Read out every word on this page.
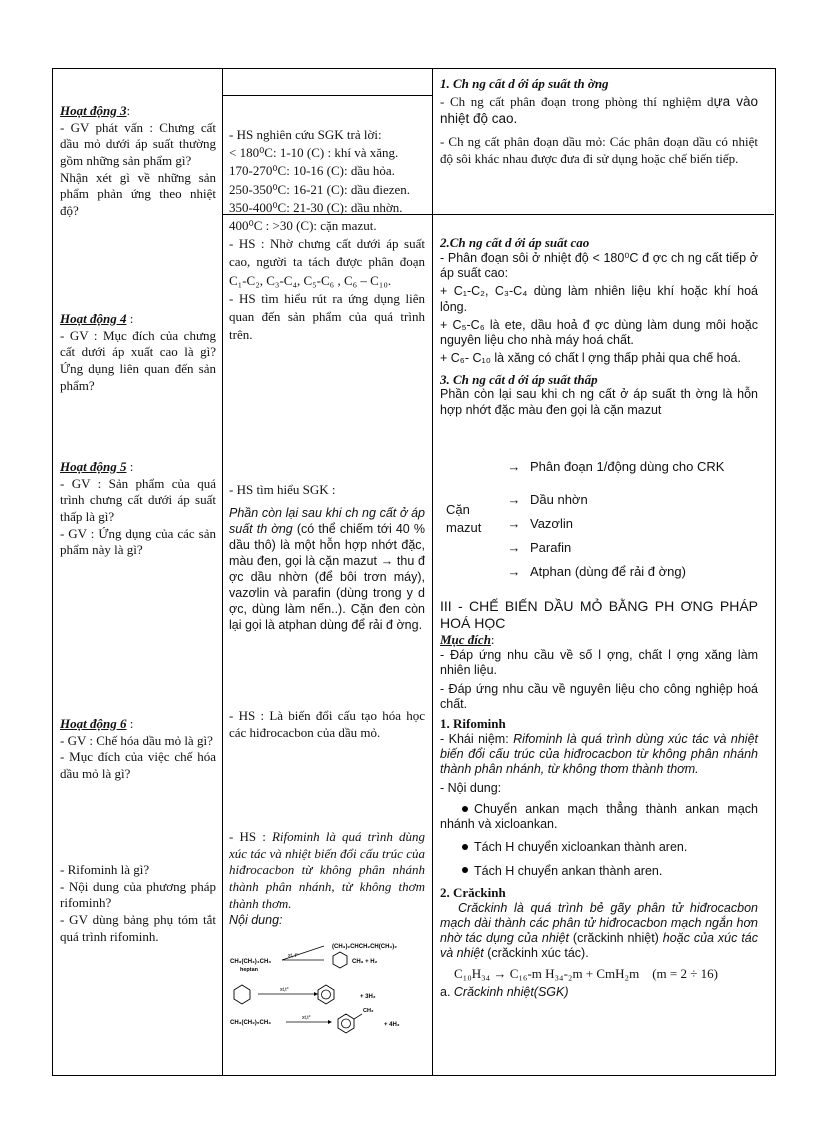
Hoạt động 3:

- GV phát vấn : Chưng cất dầu mỏ dưới áp suất thường gồm những sản phẩm gì?

Nhận xét gì về những sản phẩm phản ứng theo nhiệt độ?

Hoạt động 4 :

- GV : Mục đích của chưng cất dưới áp xuất cao là gì? Ứng dụng liên quan đến sản phẩm?

Hoạt động 5 :

- GV : Sản phẩm của quá trình chưng cất dưới áp suất thấp là gì?

- GV : Ứng dụng của các sản phẩm này là gì?

Hoạt động 6 :

- GV : Chế hóa dầu mỏ là gì?

- Mục đích của việc chế hóa dầu mỏ là gì?

- Rifominh là gì?

- Nội dung của phương pháp rifominh?

- GV dùng bảng phụ tóm tắt quá trình rifominh.

- HS nghiên cứu SGK trả lời:

< 180⁰C: 1-10 (C) : khí và xăng.

170-270⁰C: 10-16 (C): dầu hỏa.

250-350⁰C: 16-21 (C): dầu điezen.

350-400⁰C: 21-30 (C): dầu nhờn.

400⁰C : >30 (C): cặn mazut.

- HS : Nhờ chưng cất dưới áp suất cao, người ta tách được phân đoạn C₁-C₂, C₃-C₄, C₅-C₆ , C₆ – C₁₀.

- HS tìm hiểu rút ra ứng dụng liên quan đến sản phẩm của quá trình trên.

- HS tìm hiểu SGK :

Phần còn lại sau khi ch ng cất ở áp suất th ờng (có thể chiếm tới 40 % dầu thô) là một hỗn hợp nhớt đặc, màu đen, gọi là cặn mazut → thu đ ợc dầu nhờn (để bôi trơn máy), vazơlin và parafin (dùng trong y d ợc, dùng làm nến..). Cặn đen còn lại gọi là atphan dùng để rải đ ờng.

- HS : Là biến đổi cấu tạo hóa học các hiđrocacbon của dầu mỏ.

- HS : Rifominh là quá trình dùng xúc tác và nhiệt biến đổi cấu trúc của hiđrocacbon từ không phân nhánh thành phân nhánh, từ không thơm thành thơm.

Nội dung:

CH₃(CH₂)₄CH₃
heptan
xt, t°
(CH₃)₂CHCH₂CH(CH₃)₂
CH₃ + H₂
xt,t°
+ 3H₂
CH₃(CH₂)₅CH₃
xt,t°
CH₃
+ 4H₂

1. Ch ng cất d ới áp suất th ờng

- Ch ng cất phân đoạn trong phòng thí nghiệm dựa vào nhiệt độ cao.

- Ch ng cất phân đoạn dầu mỏ: Các phân đoạn dầu có nhiệt độ sôi khác nhau được đưa đi sử dụng hoặc chế biến tiếp.

2.Ch ng cất d ới áp suất cao

- Phân đoạn sôi ở nhiệt độ < 180⁰C đ ợc ch ng cất tiếp ở áp suất cao:

+ C₁-C₂, C₃-C₄ dùng làm nhiên liệu khí hoặc khí hoá lỏng.

+ C₅-C₆ là ete, dầu hoả đ ợc dùng làm dung môi hoặc nguyên liệu cho nhà máy hoá chất.

+ C₆- C₁₀ là xăng có chất l ợng thấp phải qua chế hoá.

3. Ch ng cất d ới áp suất thấp

Phần còn lại sau khi ch ng cất ở áp suất th ờng là hỗn hợp nhớt đặc màu đen gọi là cặn mazut

Cặn mazut
→ Phân đoạn 1/động dùng cho CRK
→ Dầu nhờn
→ Vazơlin
→ Parafin
→ Atphan (dùng để rải đ ờng)

III - CHẾ BIẾN DẦU MỎ BẰNG PH ƠNG PHÁP HOÁ HỌC

Mục đích:

- Đáp ứng nhu cầu về số l ợng, chất l ợng xăng làm nhiên liệu.

- Đáp ứng nhu cầu về nguyên liệu cho công nghiệp hoá chất.

1. Rifominh

- Khái niệm: Rifominh là quá trình dùng xúc tác và nhiệt biến đổi cấu trúc của hiđrocacbon từ không phân nhánh thành phân nhánh, từ không thơm thành thơm.

- Nội dung:

Chuyển ankan mạch thẳng thành ankan mạch nhánh và xicloankan.

Tách H chuyển xicloankan thành aren.

Tách H chuyển ankan thành aren.

2. Crăckinh

Crăckinh là quá trình bẻ gãy phân tử hiđrocacbon mạch dài thành các phân tử hiđrocacbon mạch ngắn hơn nhờ tác dụng của nhiệt (crăckinh nhiệt) hoặc của xúc tác và nhiệt (crăckinh xúc tác).

C₁₀H₃₄ → C₁₆-m H₃₄-₂m + CmH₂m (m = 2 ÷ 16)

a. Crăckinh nhiệt(SGK)
